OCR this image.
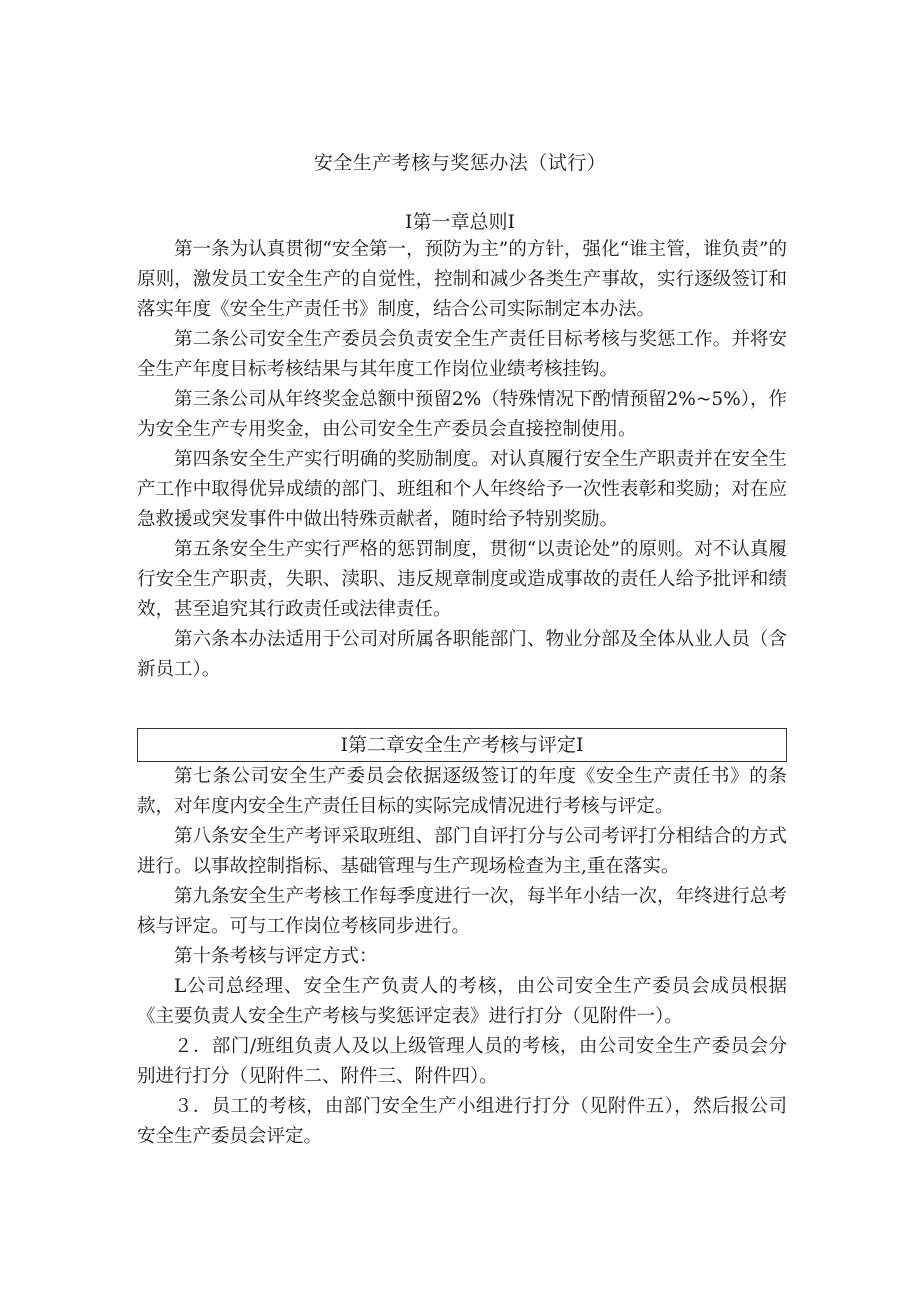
安全生产考核与奖惩办法（试行）
I第一章总则I

第一条为认真贯彻“安全第一，预防为主”的方针，强化“谁主管，谁负责”的原则，激发员工安全生产的自觉性，控制和减少各类生产事故，实行逐级签订和落实年度《安全生产责任书》制度，结合公司实际制定本办法。

第二条公司安全生产委员会负责安全生产责任目标考核与奖惩工作。并将安全生产年度目标考核结果与其年度工作岗位业绩考核挂钩。

第三条公司从年终奖金总额中预留2%（特殊情况下酌情预留2%~5%），作为安全生产专用奖金，由公司安全生产委员会直接控制使用。

第四条安全生产实行明确的奖励制度。对认真履行安全生产职责并在安全生产工作中取得优异成绩的部门、班组和个人年终给予一次性表彰和奖励；对在应急救援或突发事件中做出特殊贡献者，随时给予特别奖励。

第五条安全生产实行严格的惩罚制度，贯彻“以责论处”的原则。对不认真履行安全生产职责，失职、渎职、违反规章制度或造成事故的责任人给予批评和绩效，甚至追究其行政责任或法律责任。

第六条本办法适用于公司对所属各职能部门、物业分部及全体从业人员（含新员工）。

I第二章安全生产考核与评定I

第七条公司安全生产委员会依据逐级签订的年度《安全生产责任书》的条款，对年度内安全生产责任目标的实际完成情况进行考核与评定。

第八条安全生产考评采取班组、部门自评打分与公司考评打分相结合的方式进行。以事故控制指标、基础管理与生产现场检查为主,重在落实。

第九条安全生产考核工作每季度进行一次，每半年小结一次，年终进行总考核与评定。可与工作岗位考核同步进行。

第十条考核与评定方式：

L公司总经理、安全生产负责人的考核，由公司安全生产委员会成员根据《主要负责人安全生产考核与奖惩评定表》进行打分（见附件一）。

２．部门/班组负责人及以上级管理人员的考核，由公司安全生产委员会分别进行打分（见附件二、附件三、附件四）。

３．员工的考核，由部门安全生产小组进行打分（见附件五），然后报公司安全生产委员会评定。
